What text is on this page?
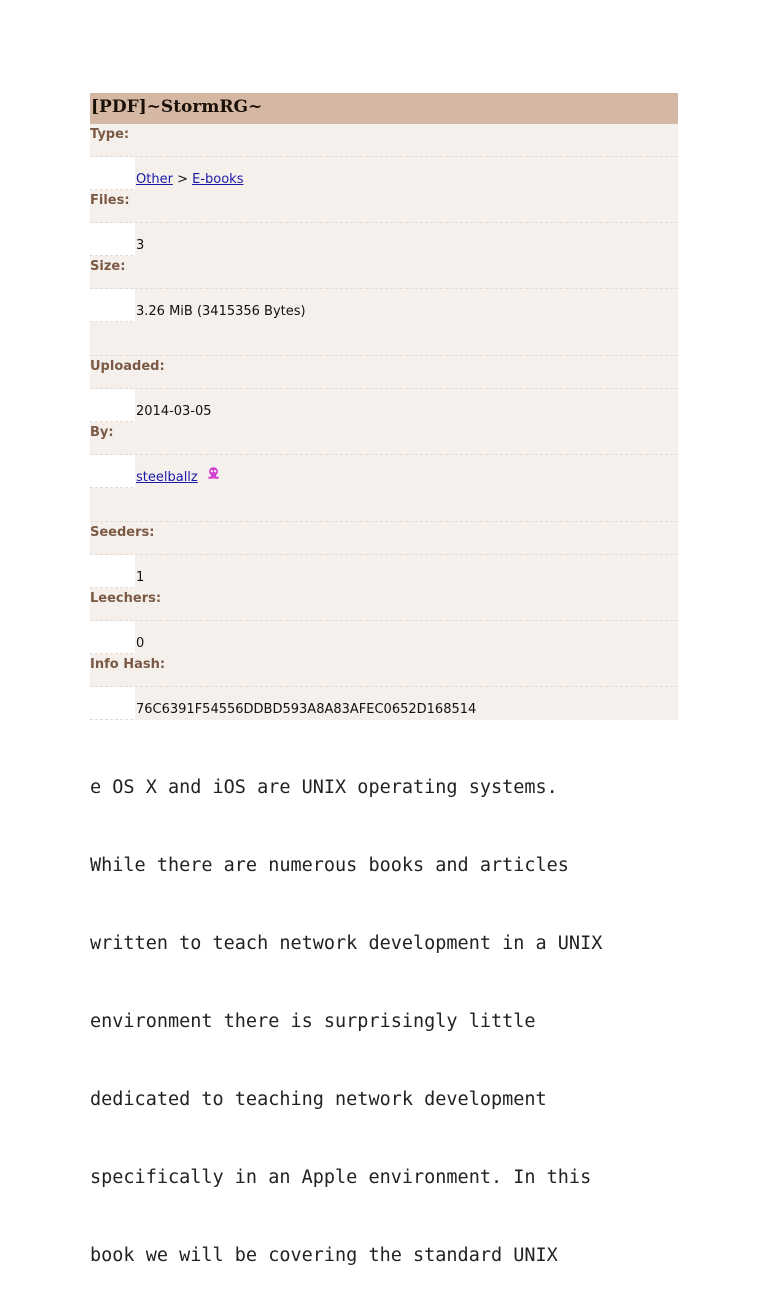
[PDF]~StormRG~
Type:
Other > E-books
Files:
3
Size:
3.26 MiB (3415356 Bytes)
Uploaded:
2014-03-05
By:
steelballz
Seeders:
1
Leechers:
0
Info Hash:
76C6391F54556DDBD593A8A83AFEC0652D168514

e OS X and iOS are UNIX operating systems.

While there are numerous books and articles

written to teach network development in a UNIX

environment there is surprisingly little

dedicated to teaching network development

specifically in an Apple environment. In this

book we will be covering the standard UNIX
